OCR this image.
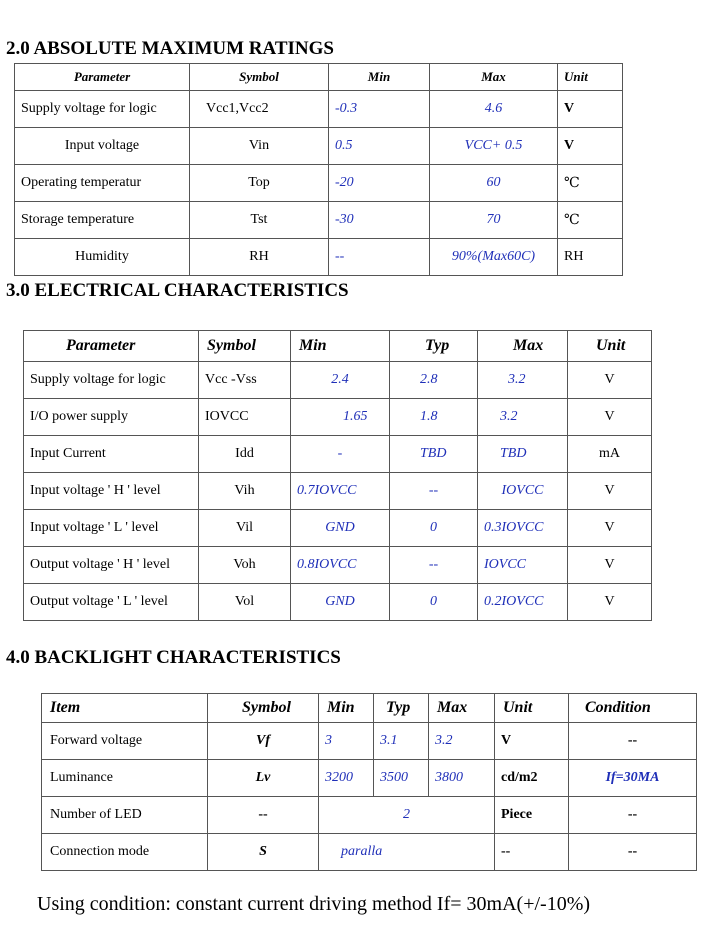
2.0 ABSOLUTE MAXIMUM RATINGS
Parameter	Symbol	Min	Max	Unit
Supply voltage for logic	Vcc1,Vcc2	-0.3	4.6	V
Input voltage	Vin	0.5	VCC+ 0.5	V
Operating temperatur	Top	-20	60	℃
Storage temperature	Tst	-30	70	℃
Humidity	RH	--	90%(Max60C)	RH
3.0 ELECTRICAL CHARACTERISTICS
Parameter	Symbol	Min	Typ	Max	Unit
Supply voltage for logic	Vcc -Vss	2.4	2.8	3.2	V
I/O power supply	IOVCC	1.65	1.8	3.2	V
Input Current	Idd	-	TBD	TBD	mA
Input voltage ' H ' level	Vih	0.7IOVCC	--	IOVCC	V
Input voltage ' L ' level	Vil	GND	0	0.3IOVCC	V
Output voltage ' H ' level	Voh	0.8IOVCC	--	IOVCC	V
Output voltage ' L ' level	Vol	GND	0	0.2IOVCC	V
4.0 BACKLIGHT CHARACTERISTICS
Item	Symbol	Min	Typ	Max	Unit	Condition
Forward voltage	Vf	3	3.1	3.2	V	--
Luminance	Lv	3200	3500	3800	cd/m2	If=30MA
Number of LED	--	2			Piece	--
Connection mode	S	paralla			--	--
Using condition: constant current driving method If= 30mA(+/-10%)
